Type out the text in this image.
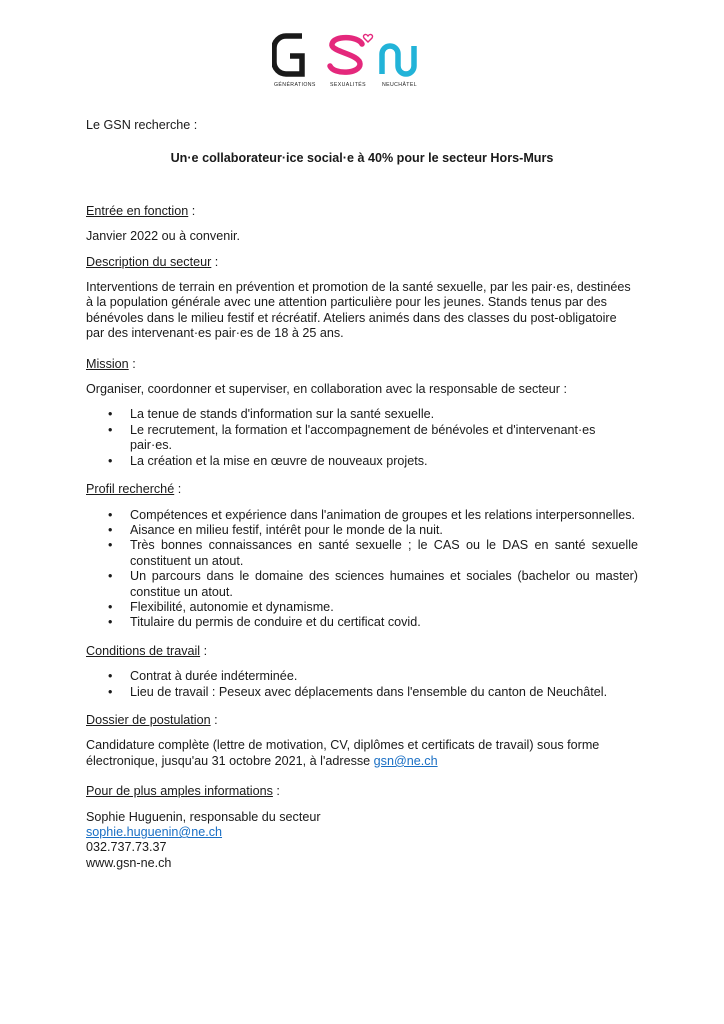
GÉNÉRATIONS	SEXUALITÉS	NEUCHÂTEL

Le GSN recherche :

Un·e collaborateur·ice social·e à 40% pour le secteur Hors-Murs

Entrée en fonction :

Janvier 2022 ou à convenir.

Description du secteur :

Interventions de terrain en prévention et promotion de la santé sexuelle, par les pair·es, destinées à la population générale avec une attention particulière pour les jeunes. Stands tenus par des bénévoles dans le milieu festif et récréatif. Ateliers animés dans des classes du post-obligatoire par des intervenant·es pair·es de 18 à 25 ans.

Mission :

Organiser, coordonner et superviser, en collaboration avec la responsable de secteur :

• La tenue de stands d'information sur la santé sexuelle.
• Le recrutement, la formation et l'accompagnement de bénévoles et d'intervenant·es pair·es.
• La création et la mise en œuvre de nouveaux projets.

Profil recherché :

• Compétences et expérience dans l'animation de groupes et les relations interpersonnelles.
• Aisance en milieu festif, intérêt pour le monde de la nuit.
• Très bonnes connaissances en santé sexuelle ; le CAS ou le DAS en santé sexuelle constituent un atout.
• Un parcours dans le domaine des sciences humaines et sociales (bachelor ou master) constitue un atout.
• Flexibilité, autonomie et dynamisme.
• Titulaire du permis de conduire et du certificat covid.

Conditions de travail :

• Contrat à durée indéterminée.
• Lieu de travail : Peseux avec déplacements dans l'ensemble du canton de Neuchâtel.

Dossier de postulation :

Candidature complète (lettre de motivation, CV, diplômes et certificats de travail) sous forme électronique, jusqu'au 31 octobre 2021, à l'adresse gsn@ne.ch

Pour de plus amples informations :

Sophie Huguenin, responsable du secteur

sophie.huguenin@ne.ch

032.737.73.37

www.gsn-ne.ch
